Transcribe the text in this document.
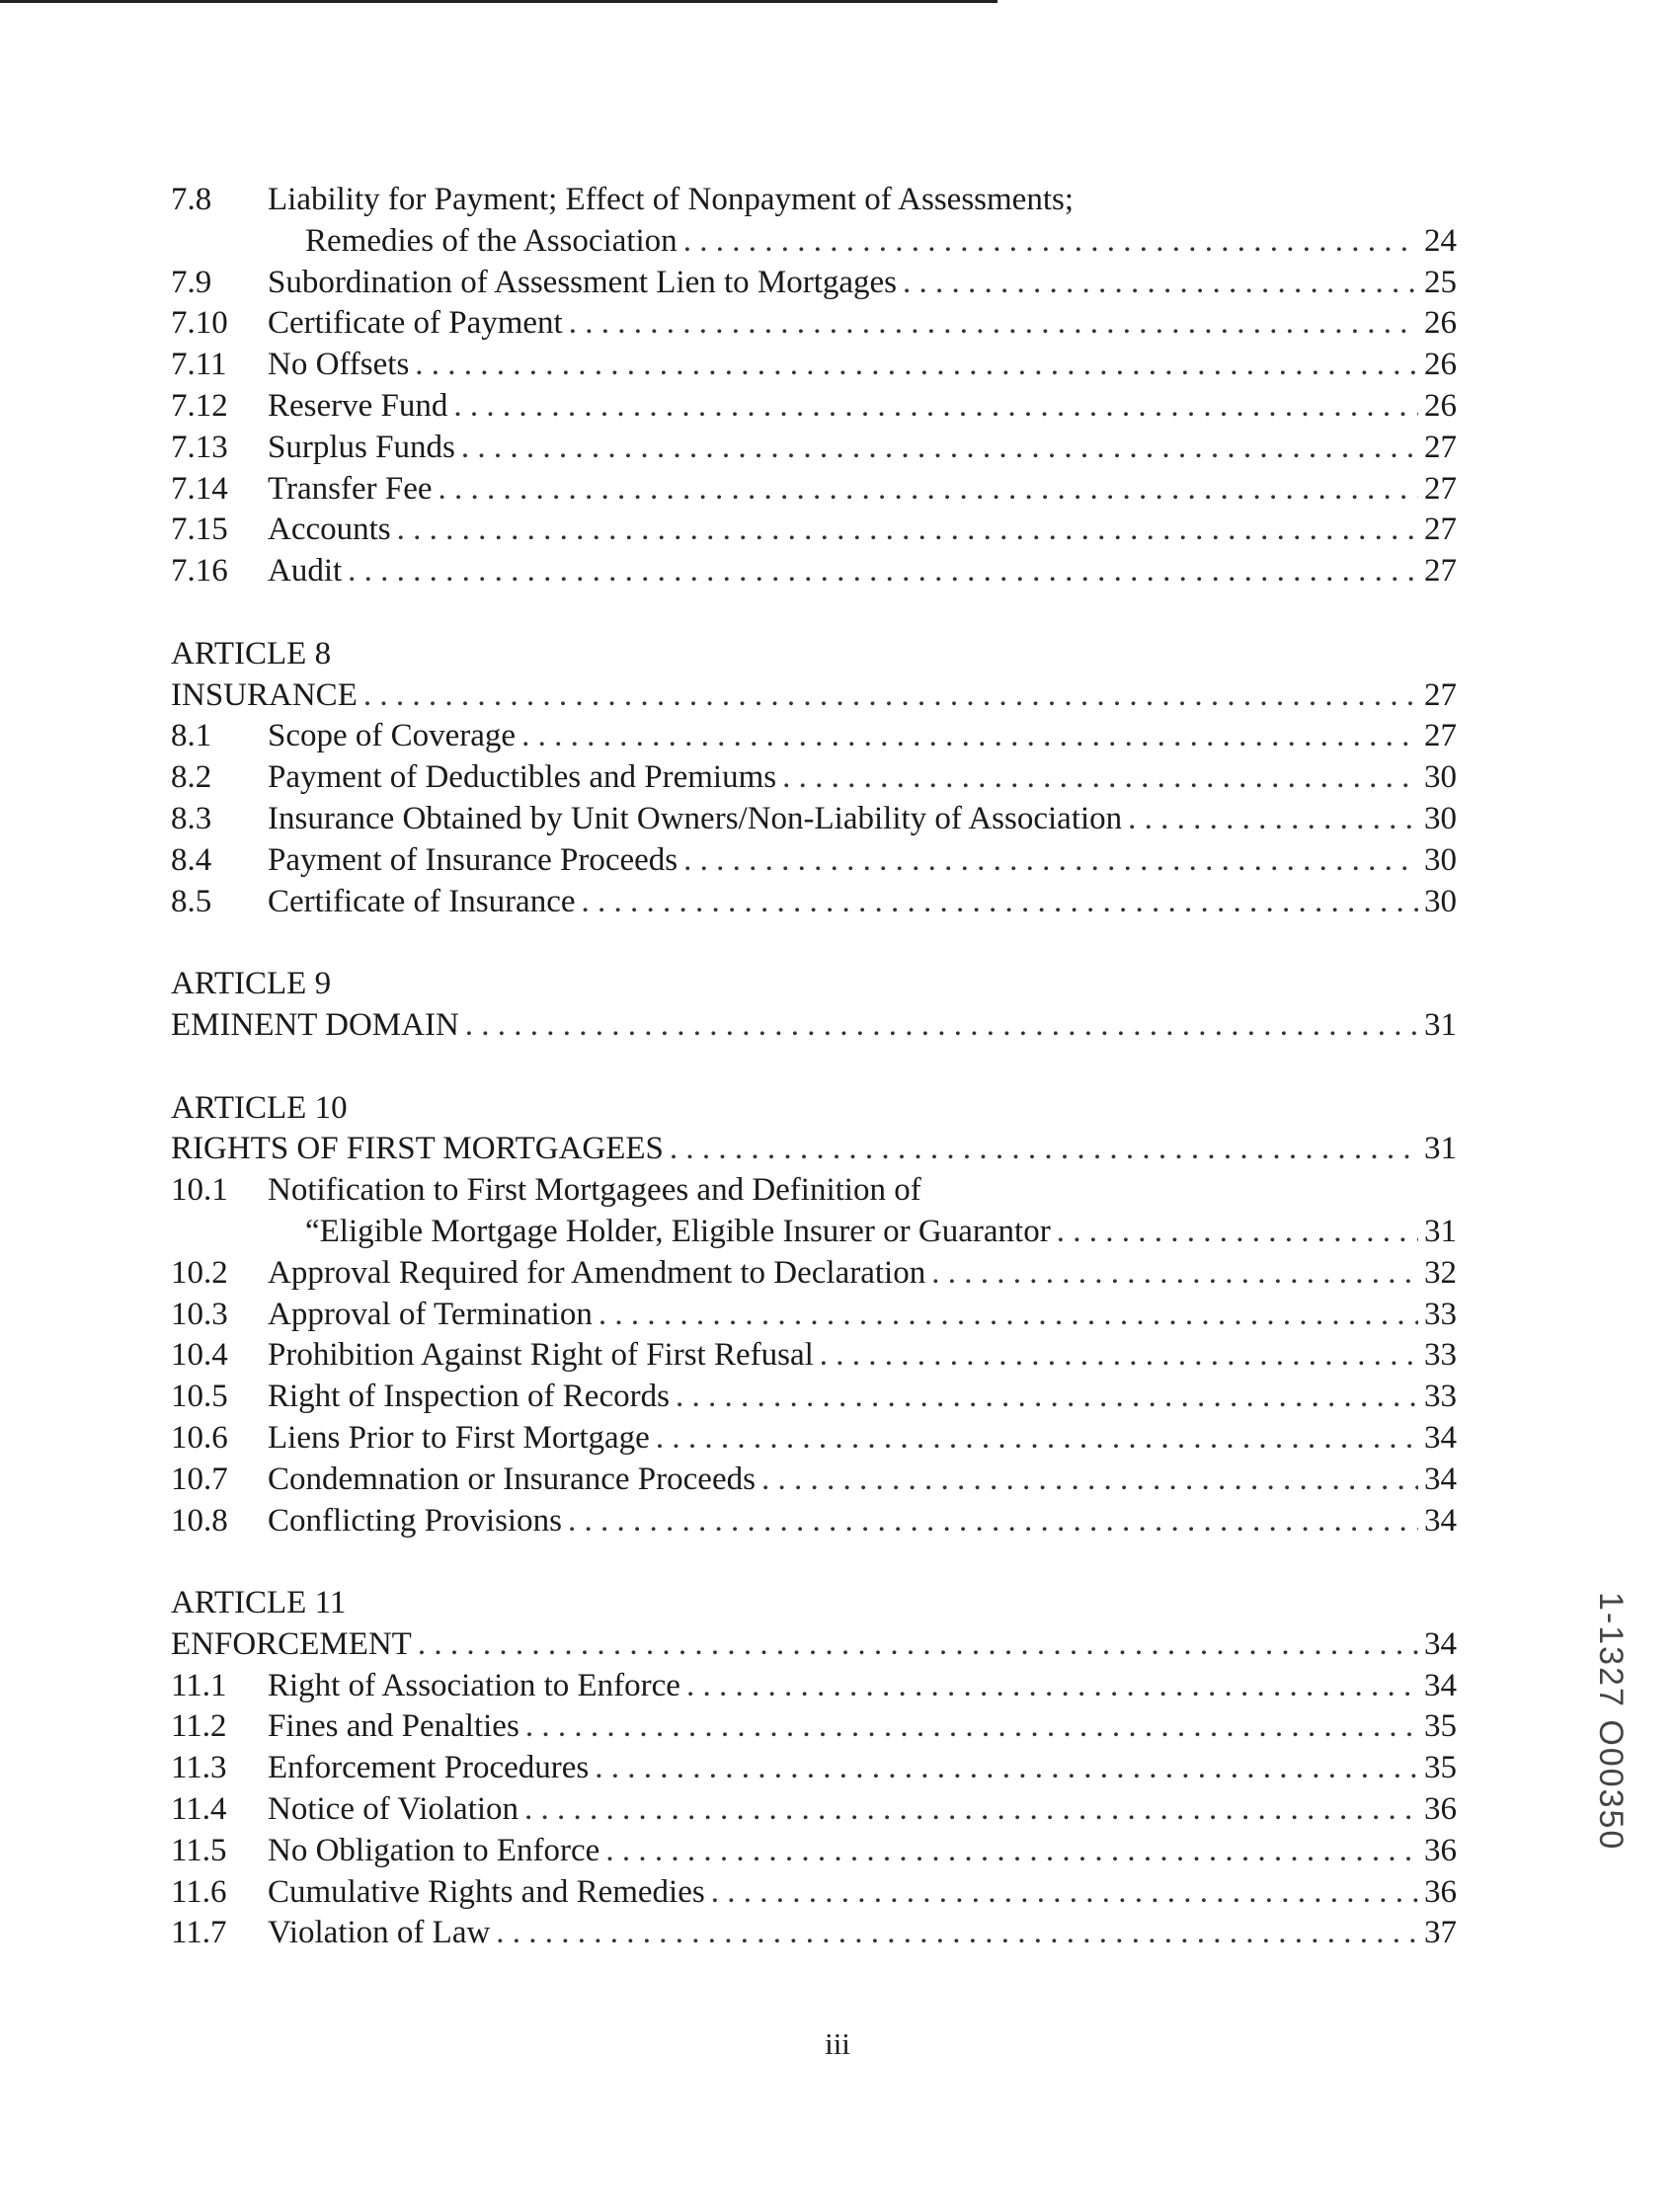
7.8	Liability for Payment; Effect of Nonpayment of Assessments;
Remedies of the Association . . .	24
7.9	Subordination of Assessment Lien to Mortgages . . .	25
7.10	Certificate of Payment . . .	26
7.11	No Offsets . . .	26
7.12	Reserve Fund . . .	26
7.13	Surplus Funds . . .	27
7.14	Transfer Fee . . .	27
7.15	Accounts . . .	27
7.16	Audit . . .	27
ARTICLE 8
INSURANCE . . .	27
8.1	Scope of Coverage . . .	27
8.2	Payment of Deductibles and Premiums . . .	30
8.3	Insurance Obtained by Unit Owners/Non-Liability of Association . . .	30
8.4	Payment of Insurance Proceeds . . .	30
8.5	Certificate of Insurance . . .	30
ARTICLE 9
EMINENT DOMAIN . . .	31
ARTICLE 10
RIGHTS OF FIRST MORTGAGEES . . .	31
10.1	Notification to First Mortgagees and Definition of
“Eligible Mortgage Holder, Eligible Insurer or Guarantor . . .	31
10.2	Approval Required for Amendment to Declaration . . .	32
10.3	Approval of Termination . . .	33
10.4	Prohibition Against Right of First Refusal . . .	33
10.5	Right of Inspection of Records . . .	33
10.6	Liens Prior to First Mortgage . . .	34
10.7	Condemnation or Insurance Proceeds . . .	34
10.8	Conflicting Provisions . . .	34
ARTICLE 11
ENFORCEMENT . . .	34
11.1	Right of Association to Enforce . . .	34
11.2	Fines and Penalties . . .	35
11.3	Enforcement Procedures . . .	35
11.4	Notice of Violation . . .	36
11.5	No Obligation to Enforce . . .	36
11.6	Cumulative Rights and Remedies . . .	36
11.7	Violation of Law . . .	37
1-1327 O00350
iii
